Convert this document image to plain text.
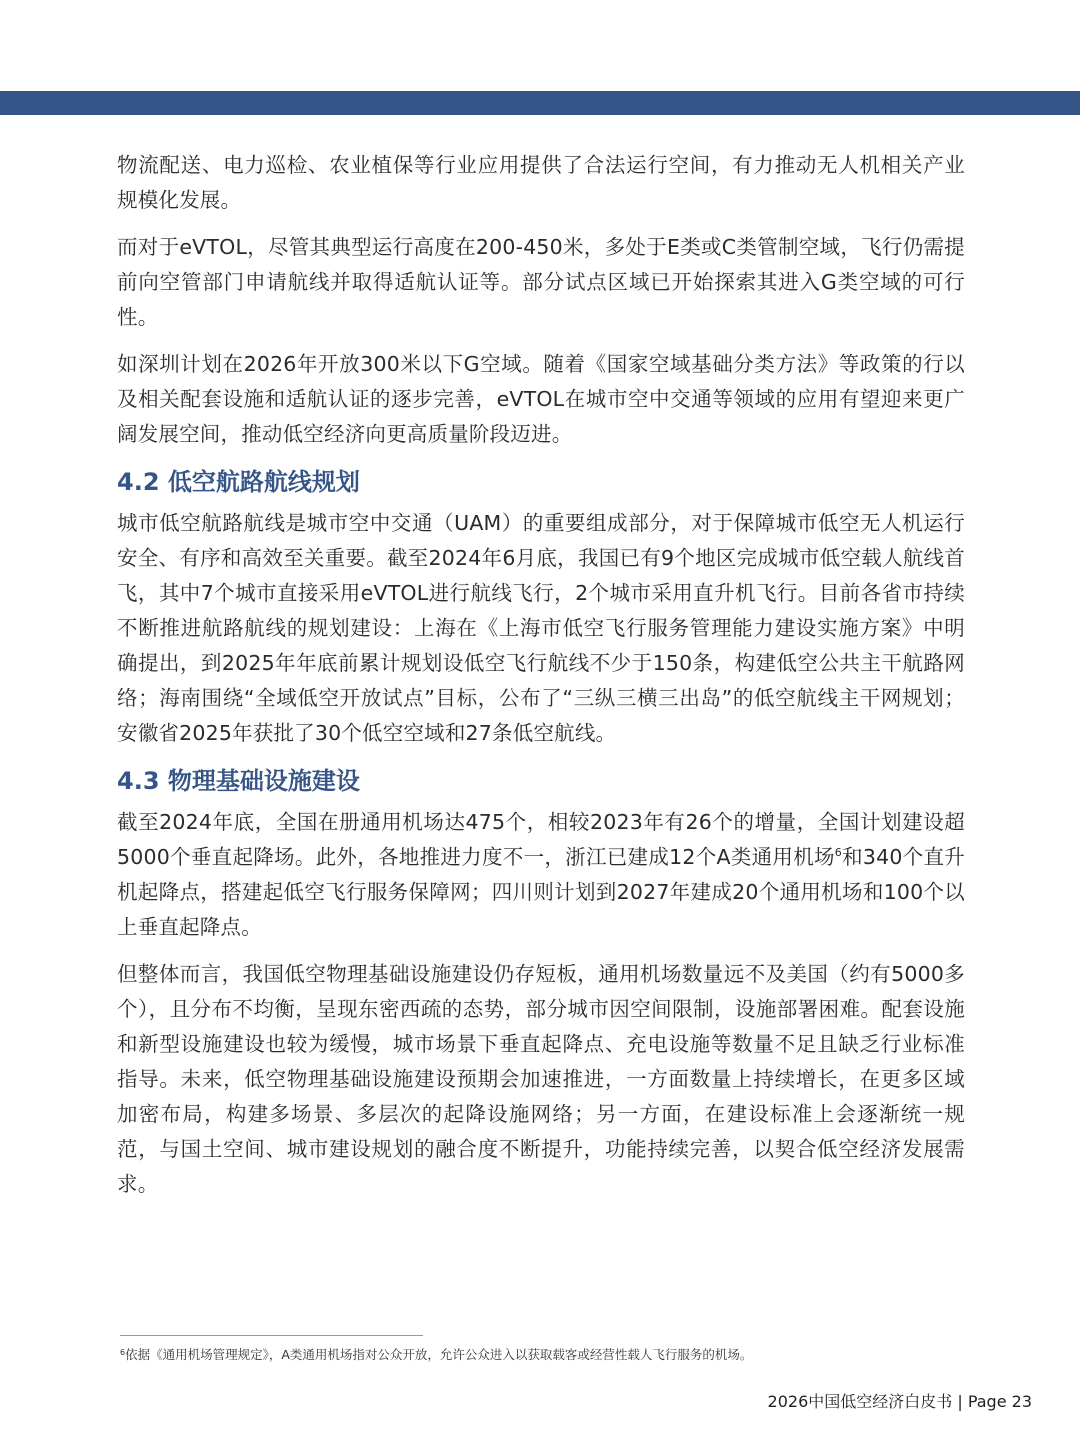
物流配送、电力巡检、农业植保等行业应用提供了合法运行空间，有力推动无人机相关产业规模化发展。

而对于eVTOL，尽管其典型运行高度在200-450米，多处于E类或C类管制空域，飞行仍需提前向空管部门申请航线并取得适航认证等。部分试点区域已开始探索其进入G类空域的可行性。

如深圳计划在2026年开放300米以下G空域。随着《国家空域基础分类方法》等政策的行以及相关配套设施和适航认证的逐步完善，eVTOL在城市空中交通等领域的应用有望迎来更广阔发展空间，推动低空经济向更高质量阶段迈进。

4.2 低空航路航线规划

城市低空航路航线是城市空中交通（UAM）的重要组成部分，对于保障城市低空无人机运行安全、有序和高效至关重要。截至2024年6月底，我国已有9个地区完成城市低空载人航线首飞，其中7个城市直接采用eVTOL进行航线飞行，2个城市采用直升机飞行。目前各省市持续不断推进航路航线的规划建设：上海在《上海市低空飞行服务管理能力建设实施方案》中明确提出，到2025年年底前累计规划设低空飞行航线不少于150条，构建低空公共主干航路网络；海南围绕“全域低空开放试点”目标，公布了“三纵三横三出岛”的低空航线主干网规划；安徽省2025年获批了30个低空空域和27条低空航线。

4.3 物理基础设施建设

截至2024年底，全国在册通用机场达475个，相较2023年有26个的增量，全国计划建设超5000个垂直起降场。此外，各地推进力度不一，浙江已建成12个A类通用机场$^6$和340个直升机起降点，搭建起低空飞行服务保障网；四川则计划到2027年建成20个通用机场和100个以上垂直起降点。

但整体而言，我国低空物理基础设施建设仍存短板，通用机场数量远不及美国（约有5000多个），且分布不均衡，呈现东密西疏的态势，部分城市因空间限制，设施部署困难。配套设施和新型设施建设也较为缓慢，城市场景下垂直起降点、充电设施等数量不足且缺乏行业标准指导。未来，低空物理基础设施建设预期会加速推进，一方面数量上持续增长，在更多区域加密布局，构建多场景、多层次的起降设施网络；另一方面，在建设标准上会逐渐统一规范，与国土空间、城市建设规划的融合度不断提升，功能持续完善，以契合低空经济发展需求。

$^6$依据《通用机场管理规定》，A类通用机场指对公众开放，允许公众进入以获取载客或经营性载人飞行服务的机场。
2026中国低空经济白皮书 | Page 23
